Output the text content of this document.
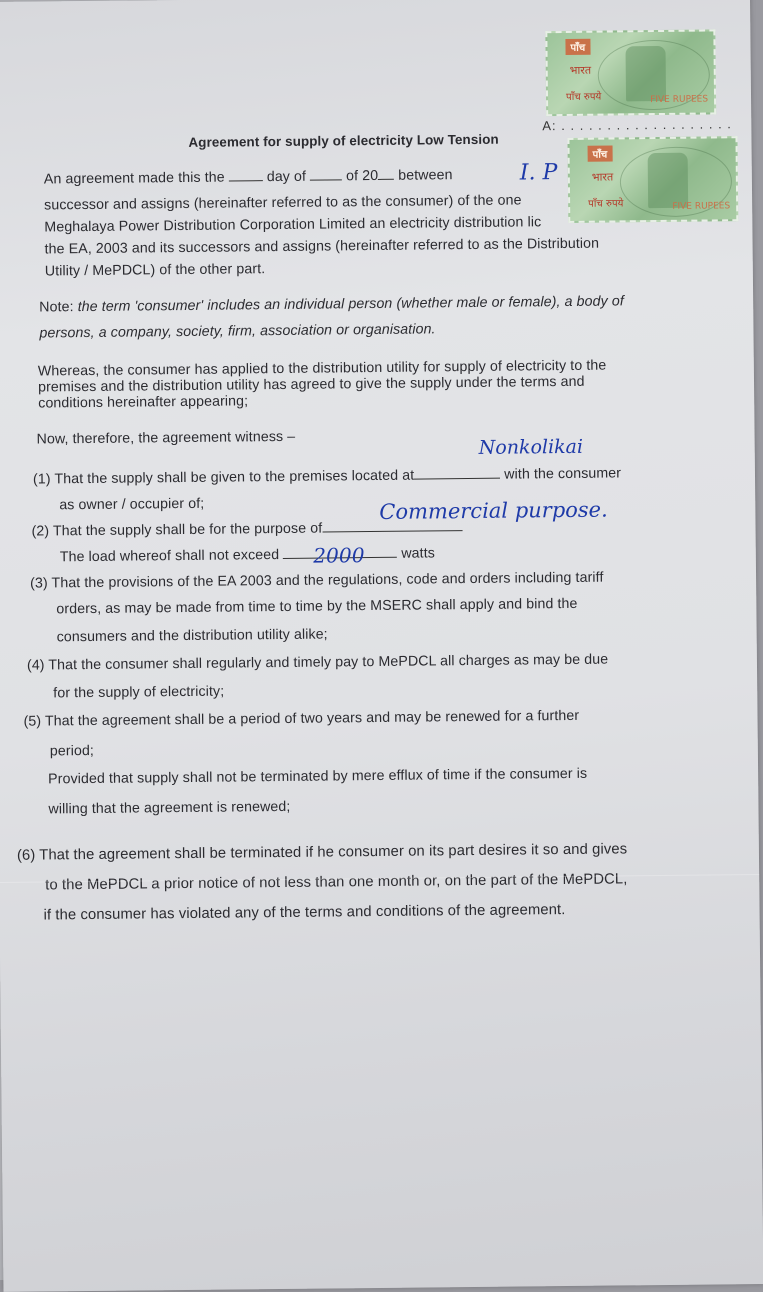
पाँच
भारत
पाँच रुपये	FIVE RUPEES
पाँच
भारत
पाँच रुपये	FIVE RUPEES
A: . . . . . . . . . . . . . . . . . . .
Agreement for supply of electricity Low Tension
An agreement made this the	day of	of 20 between	I. P
successor and assigns (hereinafter referred to as the consumer) of the one
Meghalaya Power Distribution Corporation Limited an electricity distribution lic
the EA, 2003 and its successors and assigns (hereinafter referred to as the Distribution
Utility / MePDCL) of the other part.
Note: the term 'consumer' includes an individual person (whether male or female), a body of
persons, a company, society, firm, association or organisation.
Whereas, the consumer has applied to the distribution utility for supply of electricity to the
premises and the distribution utility has agreed to give the supply under the terms and
conditions hereinafter appearing;
Now, therefore, the agreement witness –	Nonkolikai
(1) That the supply shall be given to the premises located at	with the consumer
as owner / occupier of;
(2) That the supply shall be for the purpose of
Commercial purpose.
The load whereof shall not exceed 2000	watts
(3) That the provisions of the EA 2003 and the regulations, code and orders including tariff
orders, as may be made from time to time by the MSERC shall apply and bind the
consumers and the distribution utility alike;
(4) That the consumer shall regularly and timely pay to MePDCL all charges as may be due
for the supply of electricity;
(5) That the agreement shall be a period of two years and may be renewed for a further
period;
Provided that supply shall not be terminated by mere efflux of time if the consumer is
willing that the agreement is renewed;
(6) That the agreement shall be terminated if he consumer on its part desires it so and gives
to the MePDCL a prior notice of not less than one month or, on the part of the MePDCL,
if the consumer has violated any of the terms and conditions of the agreement.
